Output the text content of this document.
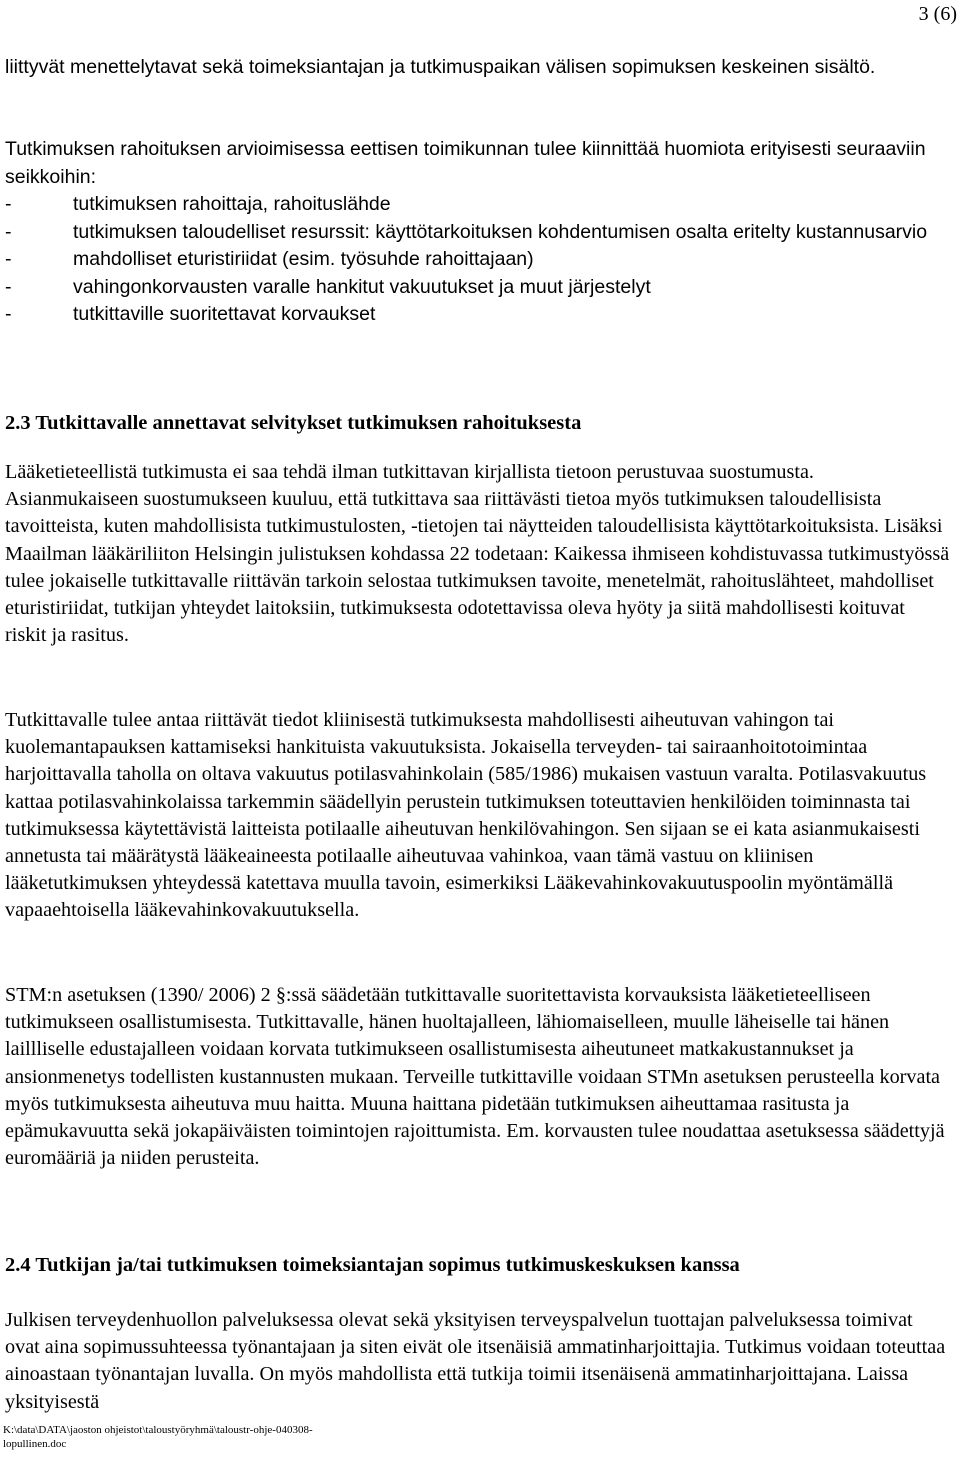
3 (6)

liittyvät menettelytavat sekä toimeksiantajan ja tutkimuspaikan välisen sopimuksen keskeinen sisältö.

Tutkimuksen rahoituksen arvioimisessa eettisen toimikunnan tulee kiinnittää huomiota erityisesti seuraaviin seikkoihin:

- tutkimuksen rahoittaja, rahoituslähde
- tutkimuksen taloudelliset resurssit: käyttötarkoituksen kohdentumisen osalta eritelty kustannusarvio
- mahdolliset eturistiriidat (esim. työsuhde rahoittajaan)
- vahingonkorvausten varalle hankitut vakuutukset ja muut järjestelyt
- tutkittaville suoritettavat korvaukset
2.3 Tutkittavalle annettavat selvitykset tutkimuksen rahoituksesta

Lääketieteellistä tutkimusta ei saa tehdä ilman tutkittavan kirjallista tietoon perustuvaa suostumusta. Asianmukaiseen suostumukseen kuuluu, että tutkittava saa riittävästi tietoa myös tutkimuksen taloudellisista tavoitteista, kuten mahdollisista tutkimustulosten, -tietojen tai näytteiden taloudellisista käyttötarkoituksista. Lisäksi Maailman lääkäriliiton Helsingin julistuksen kohdassa 22 todetaan: Kaikessa ihmiseen kohdistuvassa tutkimustyössä tulee jokaiselle tutkittavalle riittävän tarkoin selostaa tutkimuksen tavoite, menetelmät, rahoituslähteet, mahdolliset eturistiriidat, tutkijan yhteydet laitoksiin, tutkimuksesta odotettavissa oleva hyöty ja siitä mahdollisesti koituvat riskit ja rasitus.

Tutkittavalle tulee antaa riittävät tiedot kliinisestä tutkimuksesta mahdollisesti aiheutuvan vahingon tai kuolemantapauksen kattamiseksi hankituista vakuutuksista. Jokaisella terveyden- tai sairaanhoitotoimintaa harjoittavalla taholla on oltava vakuutus potilasvahinkolain (585/1986) mukaisen vastuun varalta. Potilasvakuutus kattaa potilasvahinkolaissa tarkemmin säädellyin perustein tutkimuksen toteuttavien henkilöiden toiminnasta tai tutkimuksessa käytettävistä laitteista potilaalle aiheutuvan henkilövahingon. Sen sijaan se ei kata asianmukaisesti annetusta tai määrätystä lääkeaineesta potilaalle aiheutuvaa vahinkoa, vaan tämä vastuu on kliinisen lääketutkimuksen yhteydessä katettava muulla tavoin, esimerkiksi Lääkevahinkovakuutuspoolin myöntämällä vapaaehtoisella lääkevahinkovakuutuksella.

STM:n asetuksen (1390/ 2006) 2 §:ssä säädetään tutkittavalle suoritettavista korvauksista lääketieteelliseen tutkimukseen osallistumisesta. Tutkittavalle, hänen huoltajalleen, lähiomaiselleen, muulle läheiselle tai hänen laillliselle edustajalleen voidaan korvata tutkimukseen osallistumisesta aiheutuneet matkakustannukset ja ansionmenetys todellisten kustannusten mukaan. Terveille tutkittaville voidaan STMn asetuksen perusteella korvata myös tutkimuksesta aiheutuva muu haitta. Muuna haittana pidetään tutkimuksen aiheuttamaa rasitusta ja epämukavuutta sekä jokapäiväisten toimintojen rajoittumista. Em. korvausten tulee noudattaa asetuksessa säädettyjä euromääriä ja niiden perusteita.

2.4 Tutkijan ja/tai tutkimuksen toimeksiantajan sopimus tutkimuskeskuksen kanssa

Julkisen terveydenhuollon palveluksessa olevat sekä yksityisen terveyspalvelun tuottajan palveluksessa toimivat ovat aina sopimussuhteessa työnantajaan ja siten eivät ole itsenäisiä ammatinharjoittajia. Tutkimus voidaan toteuttaa ainoastaan työnantajan luvalla. On myös mahdollista että tutkija toimii itsenäisenä ammatinharjoittajana. Laissa yksityisestä

K:\data\DATA\jaoston ohjeistot\taloustyöryhmä\taloustr-ohje-040308-lopullinen.doc
